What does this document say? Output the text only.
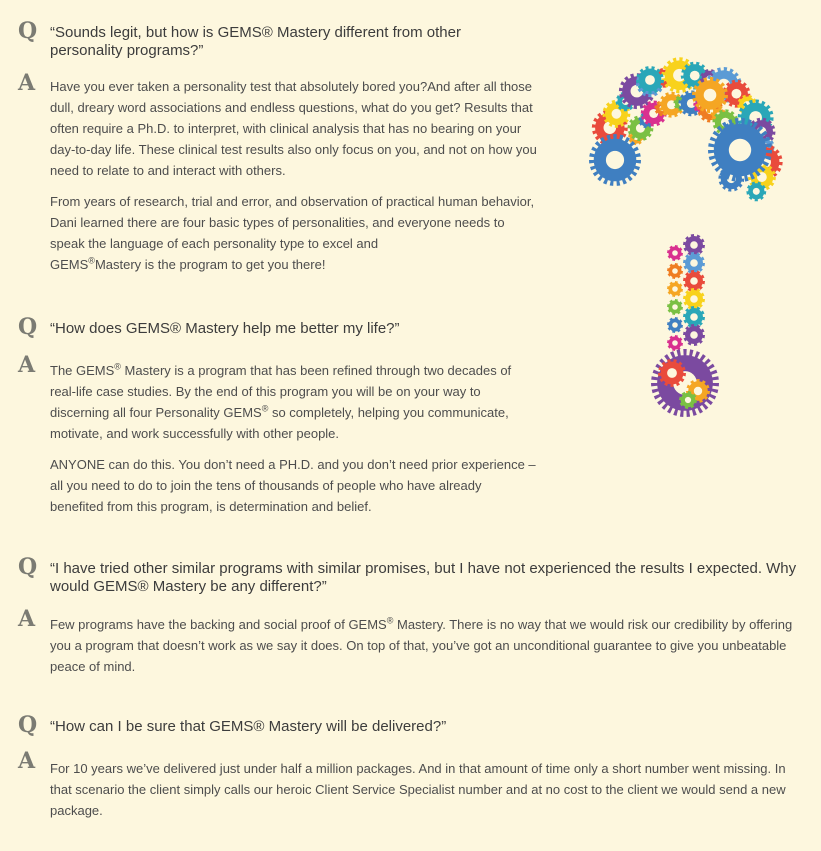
Q “Sounds legit, but how is GEMS® Mastery different from other personality programs?”
A Have you ever taken a personality test that absolutely bored you?And after all those dull, dreary word associations and endless questions, what do you get? Results that often require a Ph.D. to interpret, with clinical analysis that has no bearing on your day-to-day life. These clinical test results also only focus on you, and not on how you need to relate to and interact with others.

From years of research, trial and error, and observation of practical human behavior, Dani learned there are four basic types of personalities, and everyone needs to speak the language of each personality type to excel and
GEMS®Mastery is the program to get you there!

Q “How does GEMS® Mastery help me better my life?”
A The GEMS® Mastery is a program that has been refined through two decades of real-life case studies. By the end of this program you will be on your way to discerning all four Personality GEMS® so completely, helping you communicate, motivate, and work successfully with other people.

ANYONE can do this. You don’t need a PH.D. and you don’t need prior experience – all you need to do to join the tens of thousands of people who have already benefited from this program, is determination and belief.

Q “I have tried other similar programs with similar promises, but I have not experienced the results I expected. Why would GEMS® Mastery be any different?”
A Few programs have the backing and social proof of GEMS® Mastery. There is no way that we would risk our credibility by offering you a program that doesn’t work as we say it does. On top of that, you’ve got an unconditional guarantee to give you unbeatable peace of mind.

Q “How can I be sure that GEMS® Mastery will be delivered?”
A For 10 years we’ve delivered just under half a million packages. And in that amount of time only a short number went missing. In that scenario the client simply calls our heroic Client Service Specialist number and at no cost to the client we would send a new package.
